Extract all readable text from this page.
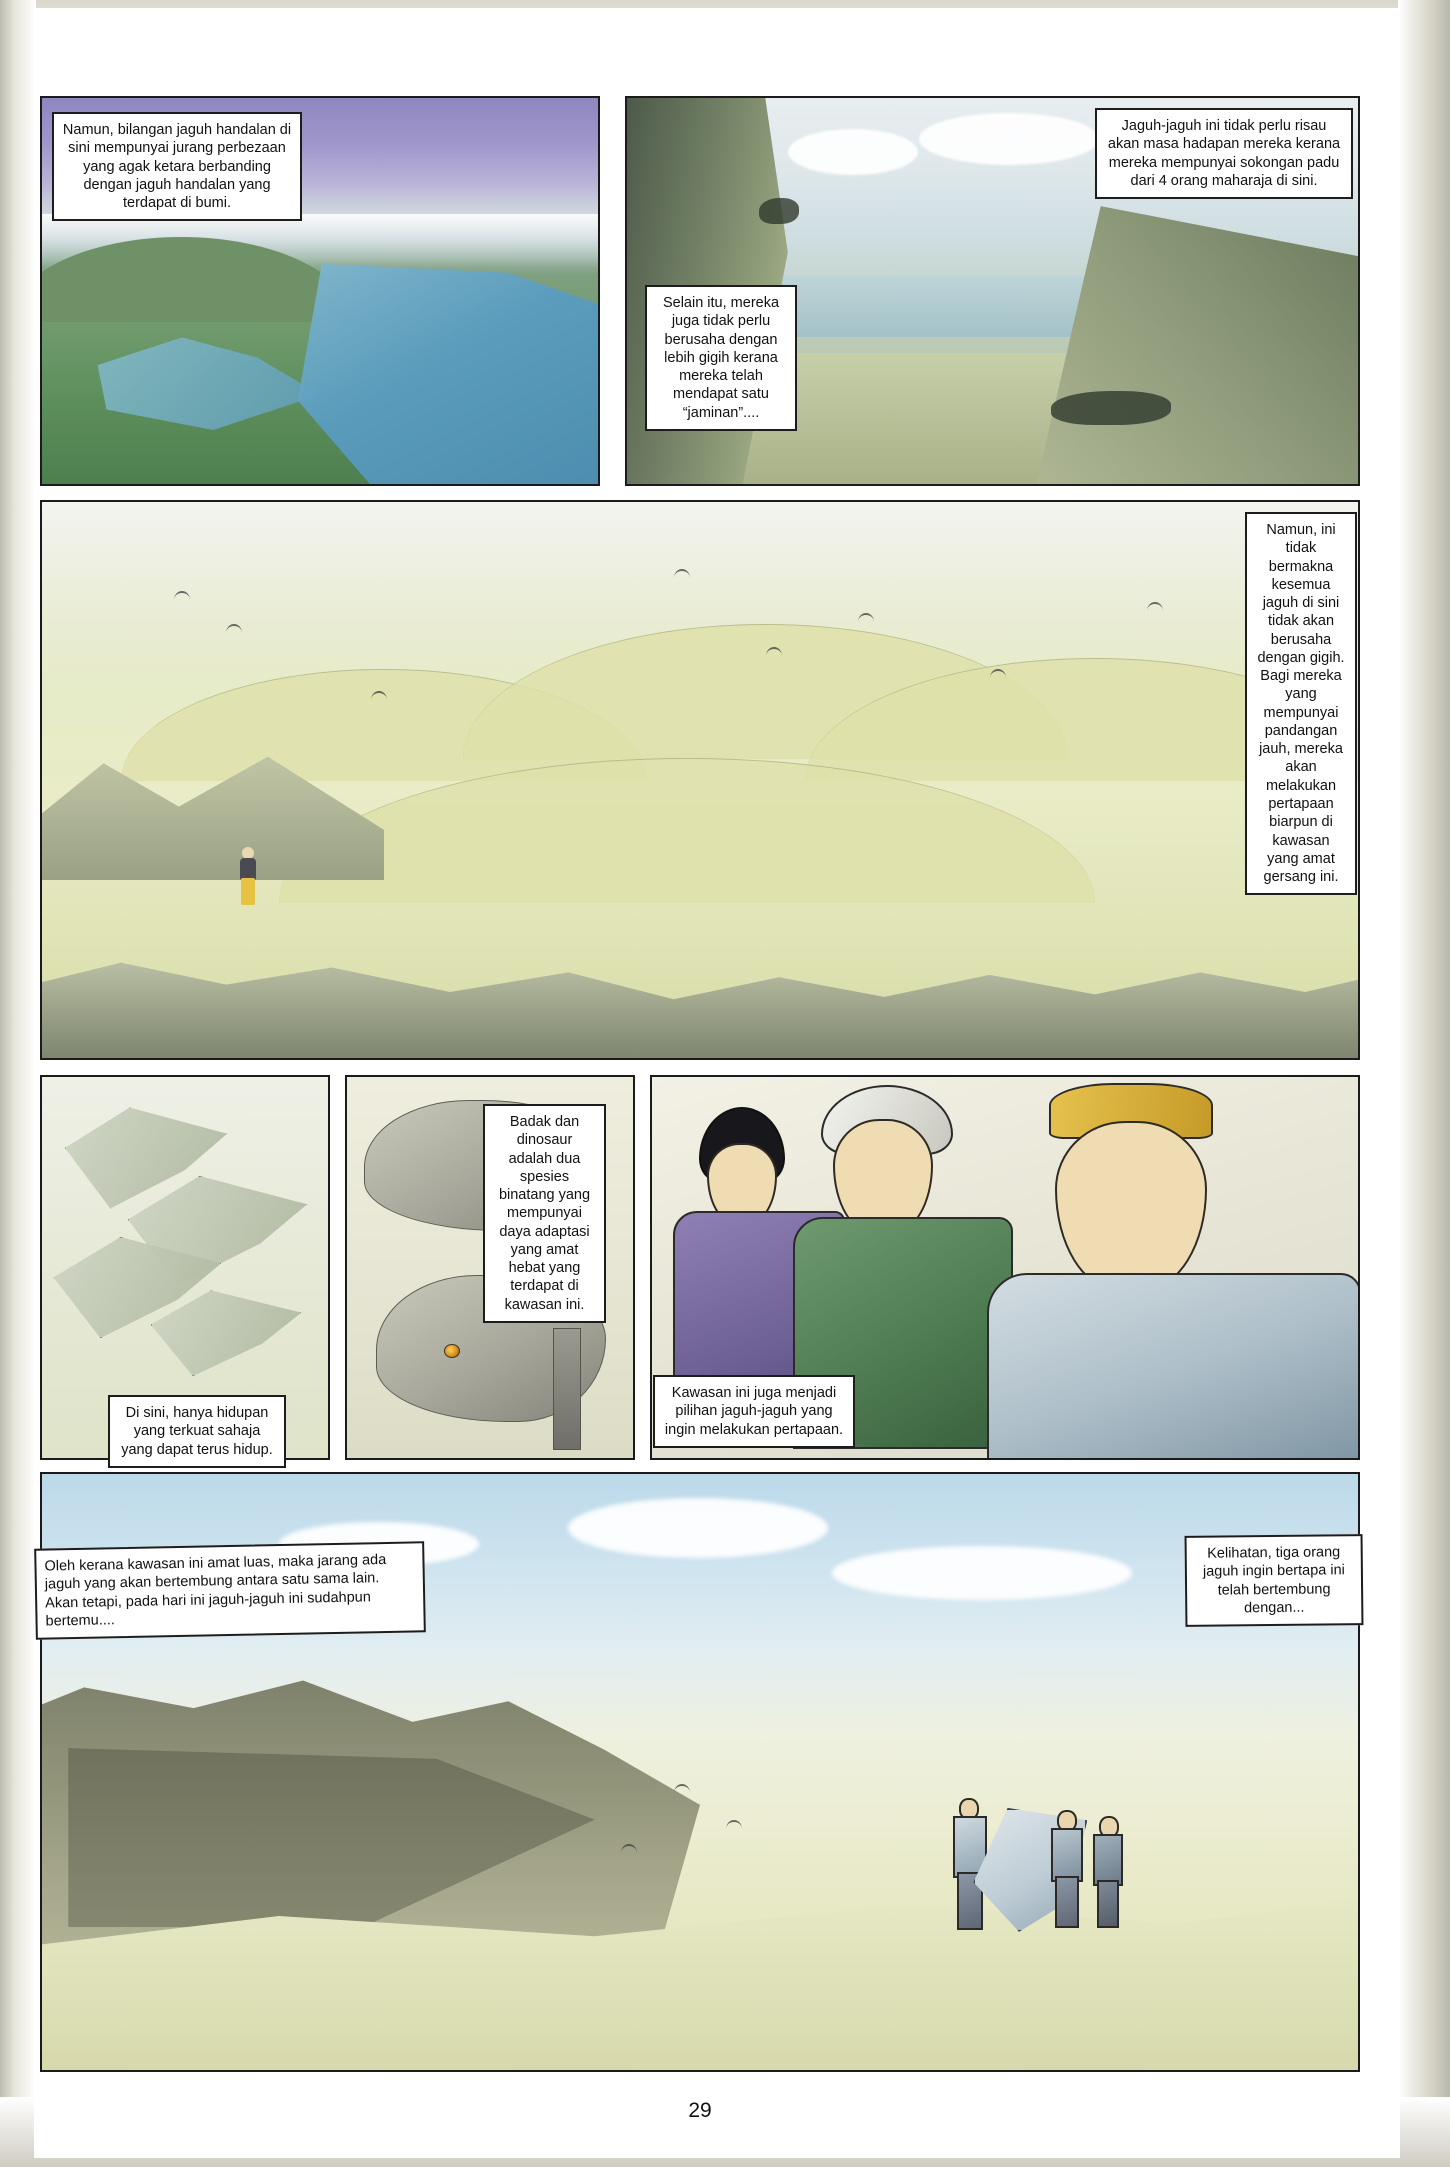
Namun, bilangan jaguh handalan di sini mempunyai jurang perbezaan yang agak ketara berbanding dengan jaguh handalan yang terdapat di bumi.
Selain itu, mereka juga tidak perlu berusaha dengan lebih gigih kerana mereka telah mendapat satu “jaminan”....
Jaguh-jaguh ini tidak perlu risau akan masa hadapan mereka kerana mereka mempunyai sokongan padu dari 4 orang maharaja di sini.
Namun, ini tidak bermakna kesemua jaguh di sini tidak akan berusaha dengan gigih. Bagi mereka yang mempunyai pandangan jauh, mereka akan melakukan pertapaan biarpun di kawasan yang amat gersang ini.
Di sini, hanya hidupan yang terkuat sahaja yang dapat terus hidup.
Badak dan dinosaur adalah dua spesies binatang yang mempunyai daya adaptasi yang amat hebat yang terdapat di kawasan ini.
Kawasan ini juga menjadi pilihan jaguh-jaguh yang ingin melakukan pertapaan.
Oleh kerana kawasan ini amat luas, maka jarang ada jaguh yang akan bertembung antara satu sama lain. Akan tetapi, pada hari ini jaguh-jaguh ini sudahpun bertemu....
Kelihatan, tiga orang jaguh ingin bertapa ini telah bertembung dengan...
29
